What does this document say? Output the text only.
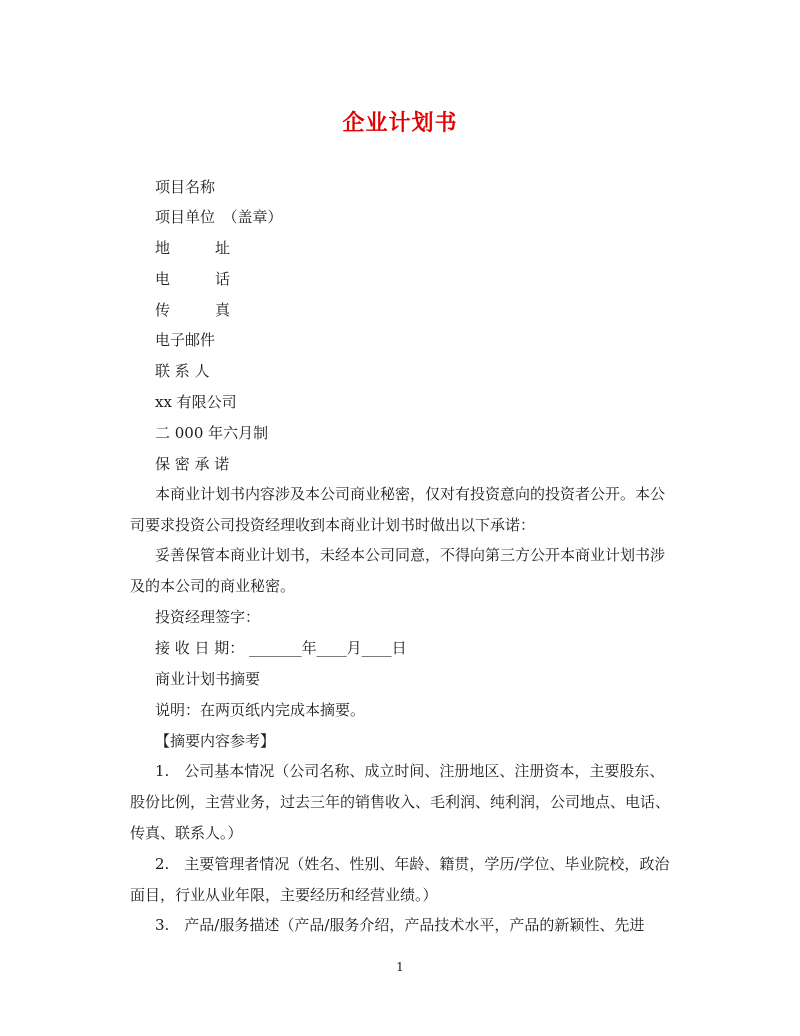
企业计划书
项目名称
项目单位　（盖章）
地　　　址
电　　　话
传　　　真
电子邮件
联 系 人
xx 有限公司
二 000 年六月制
保 密 承 诺
本商业计划书内容涉及本公司商业秘密，仅对有投资意向的投资者公开。本公司要求投资公司投资经理收到本商业计划书时做出以下承诺：
妥善保管本商业计划书，未经本公司同意，不得向第三方公开本商业计划书涉及的本公司的商业秘密。
投资经理签字：
接 收 日 期： _______年____月____日
商业计划书摘要
说明：在两页纸内完成本摘要。
【摘要内容参考】
1.　公司基本情况（公司名称、成立时间、注册地区、注册资本，主要股东、股份比例，主营业务，过去三年的销售收入、毛利润、纯利润，公司地点、电话、传真、联系人。）
2.　主要管理者情况（姓名、性别、年龄、籍贯，学历/学位、毕业院校，政治面目，行业从业年限，主要经历和经营业绩。）
3.　产品/服务描述（产品/服务介绍，产品技术水平，产品的新颖性、先进
1
